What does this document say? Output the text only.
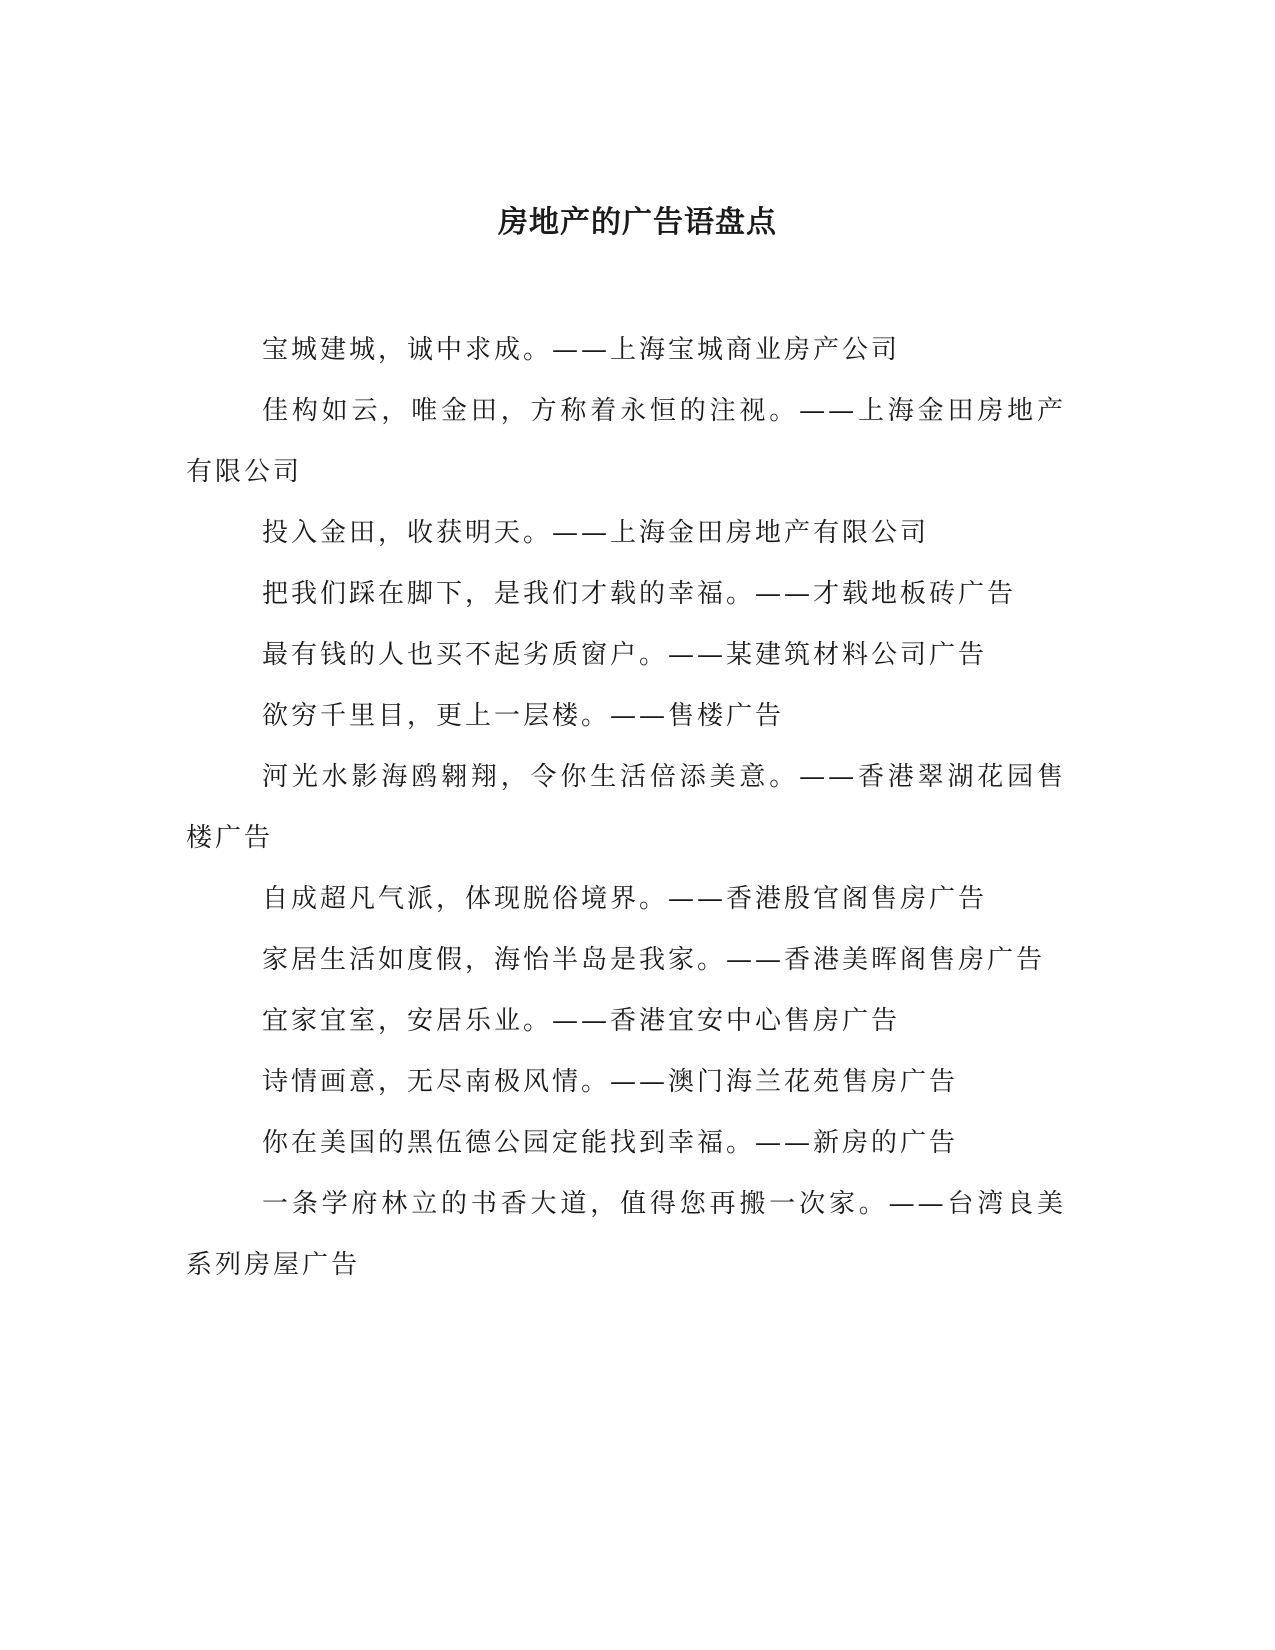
房地产的广告语盘点

宝城建城，诚中求成。——上海宝城商业房产公司

佳构如云，唯金田，方称着永恒的注视。——上海金田房地产有限公司

投入金田，收获明天。——上海金田房地产有限公司

把我们踩在脚下，是我们才载的幸福。——才载地板砖广告

最有钱的人也买不起劣质窗户。——某建筑材料公司广告

欲穷千里目，更上一层楼。——售楼广告

河光水影海鸥翱翔，令你生活倍添美意。——香港翠湖花园售楼广告

自成超凡气派，体现脱俗境界。——香港殷官阁售房广告

家居生活如度假，海怡半岛是我家。——香港美晖阁售房广告

宜家宜室，安居乐业。——香港宜安中心售房广告

诗情画意，无尽南极风情。——澳门海兰花苑售房广告

你在美国的黑伍德公园定能找到幸福。——新房的广告

一条学府林立的书香大道，值得您再搬一次家。——台湾良美系列房屋广告
